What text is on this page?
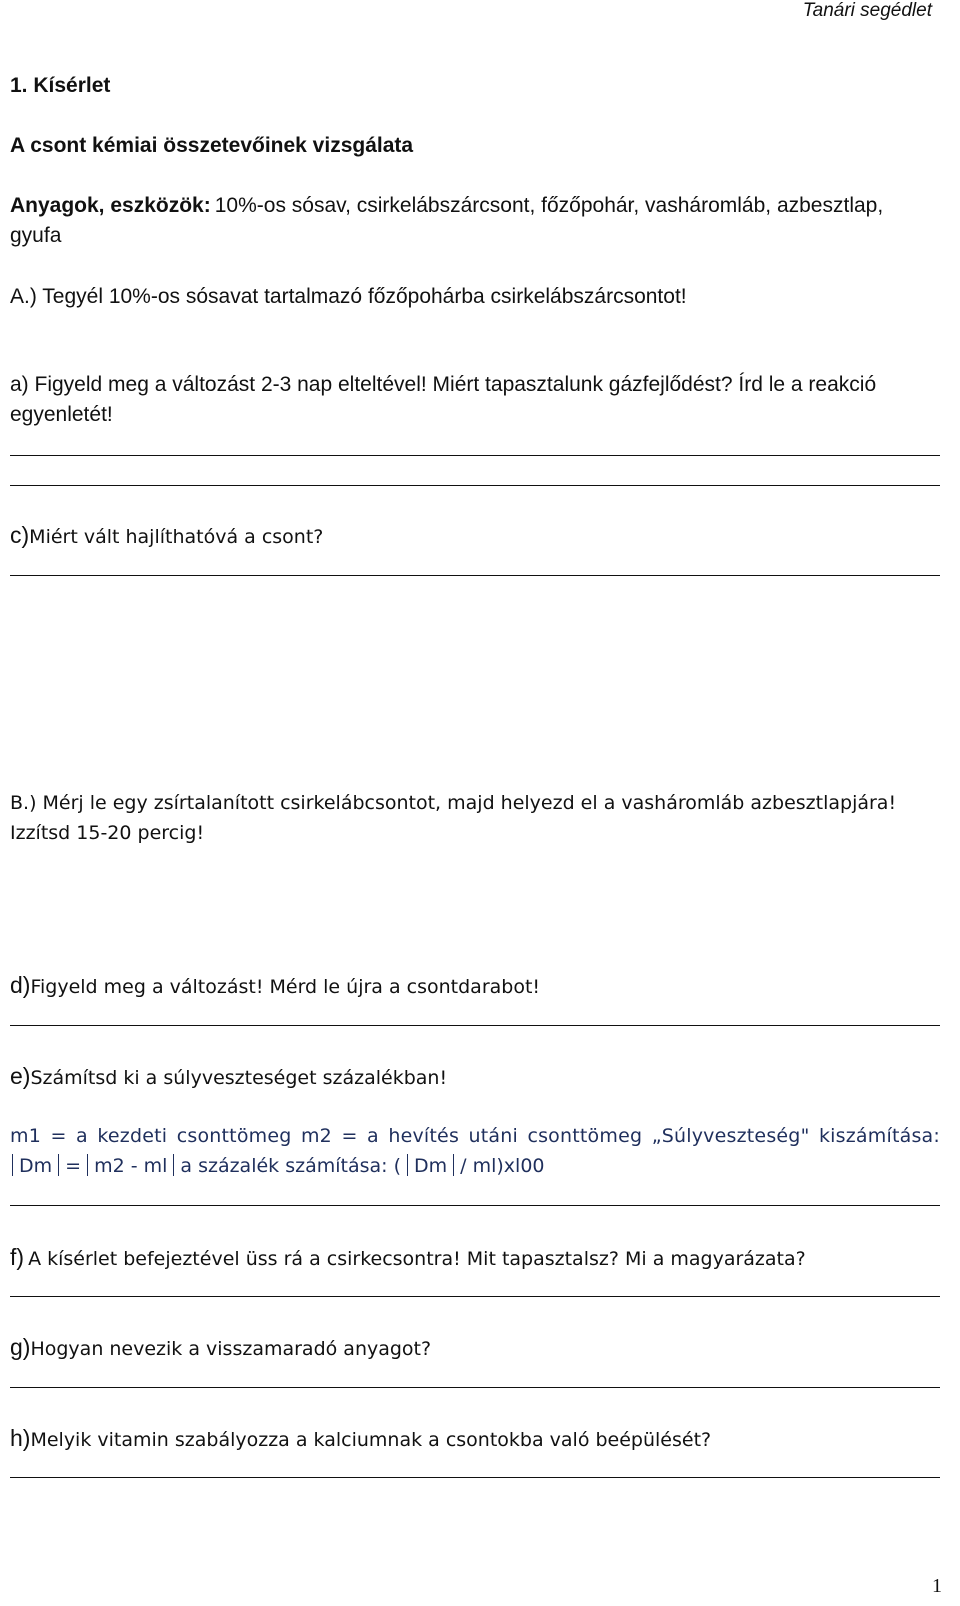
Tanári segédlet
1. Kísérlet
A csont kémiai összetevőinek vizsgálata
Anyagok, eszközök: 10%-os sósav, csirkelábszárcsont, főzőpohár, vasháromláb, azbesztlap,
gyufa
A.) Tegyél 10%-os sósavat tartalmazó főzőpohárba csirkelábszárcsontot!
a) Figyeld meg a változást 2-3 nap elteltével! Miért tapasztalunk gázfejlődést? Írd le a reakció
egyenletét!
c)Miért vált hajlíthatóvá a csont?
B.) Mérj le egy zsírtalanított csirkelábcsontot, majd helyezd el a vasháromláb azbesztlapjára!
Izzítsd 15-20 percig!
d)Figyeld meg a változást! Mérd le újra a csontdarabot!
e)Számítsd ki a súlyveszteséget százalékban!
m1 = a kezdeti csonttömeg m2 = a hevítés utáni csonttömeg „Súlyveszteség" kiszámítása:
Dm = m2 - ml a százalék számítása: ( Dm / ml)xl00
f) A kísérlet befejeztével üss rá a csirkecsontra! Mit tapasztalsz? Mi a magyarázata?
g)Hogyan nevezik a visszamaradó anyagot?
h)Melyik vitamin szabályozza a kalciumnak a csontokba való beépülését?
1
